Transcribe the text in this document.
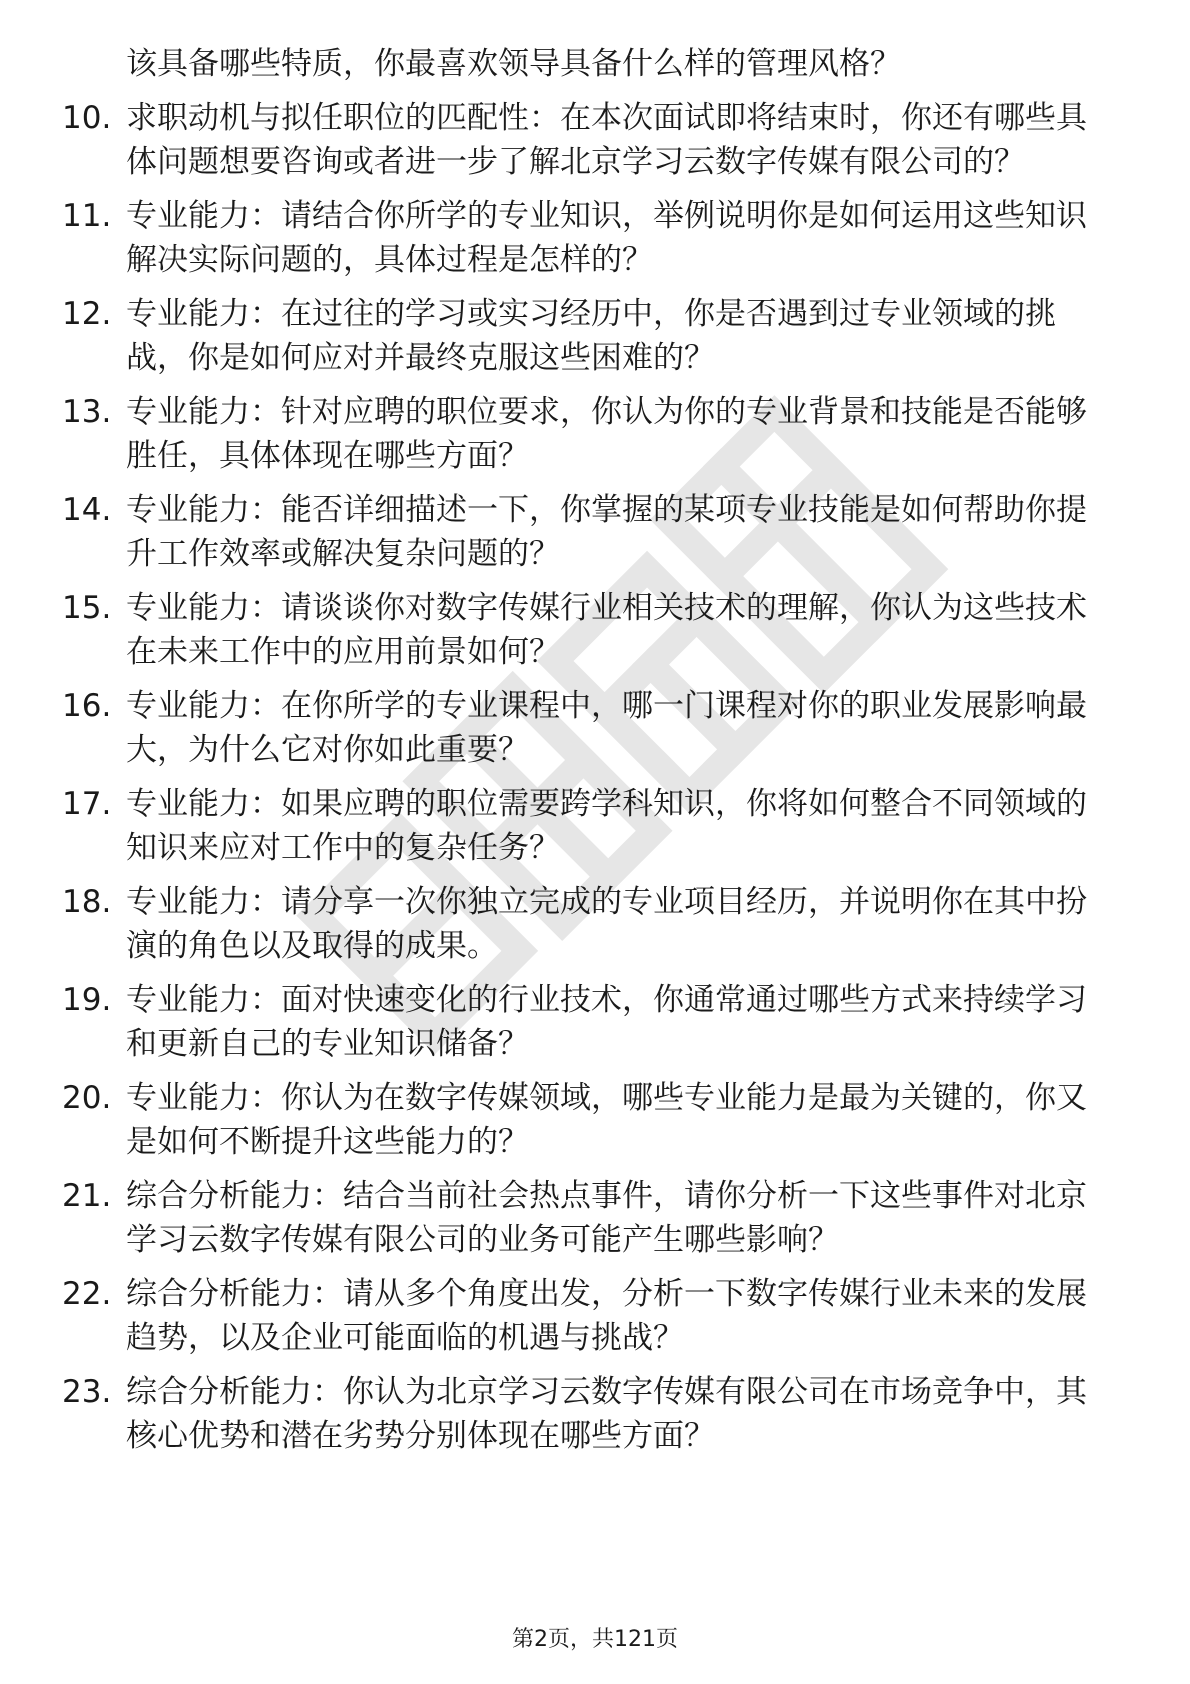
该具备哪些特质，你最喜欢领导具备什么样的管理风格？

10. 求职动机与拟任职位的匹配性：在本次面试即将结束时，你还有哪些具体问题想要咨询或者进一步了解北京学习云数字传媒有限公司的？

11. 专业能力：请结合你所学的专业知识，举例说明你是如何运用这些知识解决实际问题的，具体过程是怎样的？

12. 专业能力：在过往的学习或实习经历中，你是否遇到过专业领域的挑战，你是如何应对并最终克服这些困难的？

13. 专业能力：针对应聘的职位要求，你认为你的专业背景和技能是否能够胜任，具体体现在哪些方面？

14. 专业能力：能否详细描述一下，你掌握的某项专业技能是如何帮助你提升工作效率或解决复杂问题的？

15. 专业能力：请谈谈你对数字传媒行业相关技术的理解，你认为这些技术在未来工作中的应用前景如何？

16. 专业能力：在你所学的专业课程中，哪一门课程对你的职业发展影响最大，为什么它对你如此重要？

17. 专业能力：如果应聘的职位需要跨学科知识，你将如何整合不同领域的知识来应对工作中的复杂任务？

18. 专业能力：请分享一次你独立完成的专业项目经历，并说明你在其中扮演的角色以及取得的成果。

19. 专业能力：面对快速变化的行业技术，你通常通过哪些方式来持续学习和更新自己的专业知识储备？

20. 专业能力：你认为在数字传媒领域，哪些专业能力是最为关键的，你又是如何不断提升这些能力的？

21. 综合分析能力：结合当前社会热点事件，请你分析一下这些事件对北京学习云数字传媒有限公司的业务可能产生哪些影响？

22. 综合分析能力：请从多个角度出发，分析一下数字传媒行业未来的发展趋势，以及企业可能面临的机遇与挑战？

23. 综合分析能力：你认为北京学习云数字传媒有限公司在市场竞争中，其核心优势和潜在劣势分别体现在哪些方面？

第2页，共121页
